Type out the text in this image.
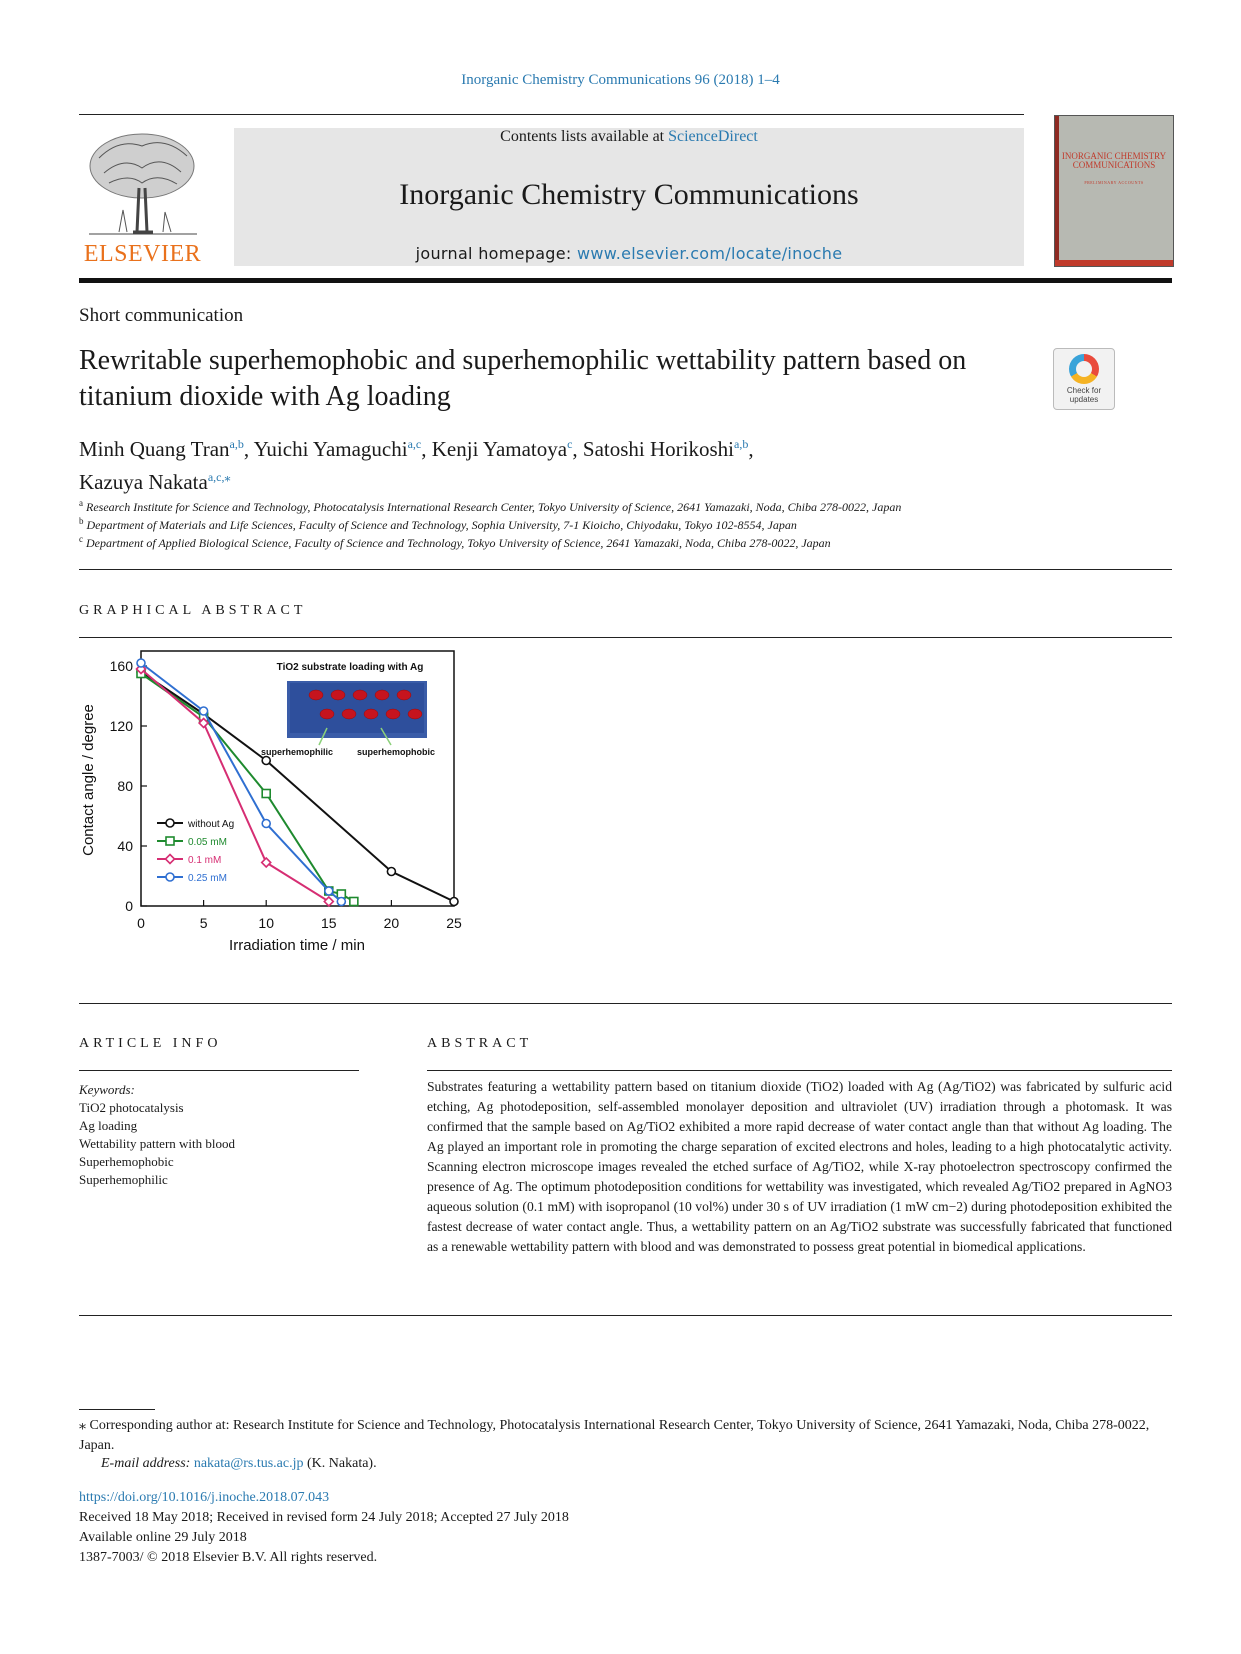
Inorganic Chemistry Communications 96 (2018) 1–4
ELSEVIER
Contents lists available at ScienceDirect
Inorganic Chemistry Communications
journal homepage: www.elsevier.com/locate/inoche
INORGANIC CHEMISTRY COMMUNICATIONS
PRELIMINARY ACCOUNTS
Short communication
Rewritable superhemophobic and superhemophilic wettability pattern based on titanium dioxide with Ag loading	Check for updates
Minh Quang Tran$^{a,b}$, Yuichi Yamaguchi$^{a,c}$, Kenji Yamatoya$^c$, Satoshi Horikoshi$^{a,b}$,
Kazuya Nakata$^{a,c,⁎}$
$^a$ Research Institute for Science and Technology, Photocatalysis International Research Center, Tokyo University of Science, 2641 Yamazaki, Noda, Chiba 278-0022, Japan
$^b$ Department of Materials and Life Sciences, Faculty of Science and Technology, Sophia University, 7-1 Kioicho, Chiyodaku, Tokyo 102-8554, Japan
$^c$ Department of Applied Biological Science, Faculty of Science and Technology, Tokyo University of Science, 2641 Yamazaki, Noda, Chiba 278-0022, Japan
GRAPHICAL ABSTRACT
0	5	10	15	20	25
0
40
80
120
160
Irradiation time / min
Contact angle / degree
TiO2 substrate loading with Ag
superhemophilic	superhemophobic
without Ag
0.05 mM
0.1 mM
0.25 mM
ARTICLE INFO
Keywords:
TiO2 photocatalysis
Ag loading
Wettability pattern with blood
Superhemophobic
Superhemophilic
ABSTRACT
Substrates featuring a wettability pattern based on titanium dioxide (TiO2) loaded with Ag (Ag/TiO2) was fabricated by sulfuric acid etching, Ag photodeposition, self-assembled monolayer deposition and ultraviolet (UV) irradiation through a photomask. It was confirmed that the sample based on Ag/TiO2 exhibited a more rapid decrease of water contact angle than that without Ag loading. The Ag played an important role in promoting the charge separation of excited electrons and holes, leading to a high photocatalytic activity. Scanning electron microscope images revealed the etched surface of Ag/TiO2, while X-ray photoelectron spectroscopy confirmed the presence of Ag. The optimum photodeposition conditions for wettability was investigated, which revealed Ag/TiO2 prepared in AgNO3 aqueous solution (0.1 mM) with isopropanol (10 vol%) under 30 s of UV irradiation (1 mW cm−2) during photodeposition exhibited the fastest decrease of water contact angle. Thus, a wettability pattern on an Ag/TiO2 substrate was successfully fabricated that functioned as a renewable wettability pattern with blood and was demonstrated to possess great potential in biomedical applications.
⁎ Corresponding author at: Research Institute for Science and Technology, Photocatalysis International Research Center, Tokyo University of Science, 2641 Yamazaki, Noda, Chiba 278-0022, Japan.
E-mail address: nakata@rs.tus.ac.jp (K. Nakata).
https://doi.org/10.1016/j.inoche.2018.07.043
Received 18 May 2018; Received in revised form 24 July 2018; Accepted 27 July 2018
Available online 29 July 2018
1387-7003/ © 2018 Elsevier B.V. All rights reserved.
